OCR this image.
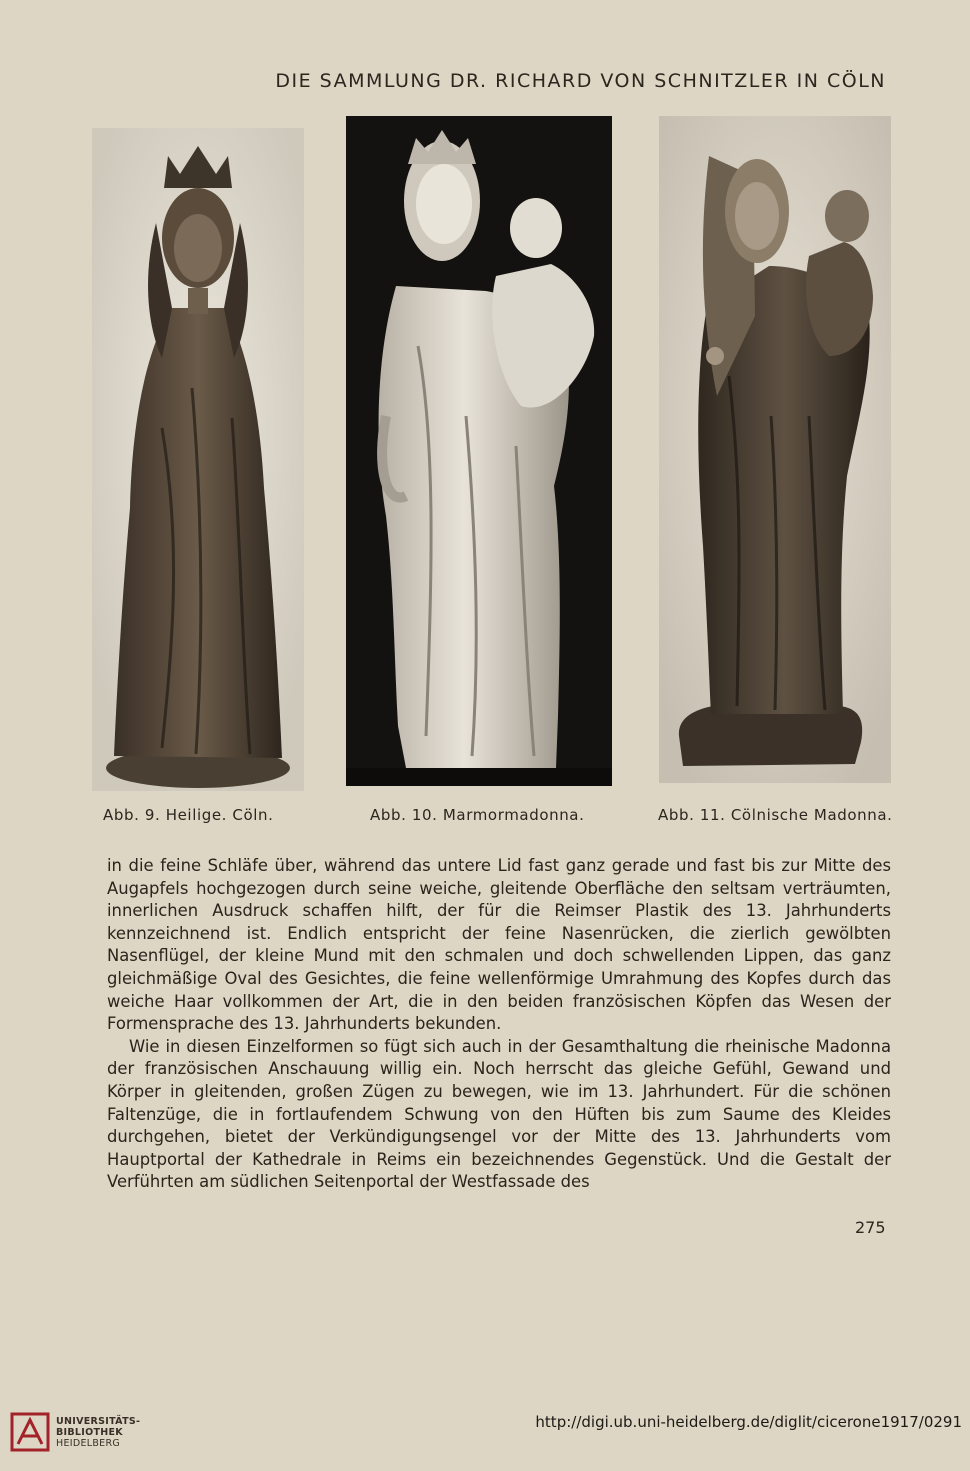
DIE SAMMLUNG DR. RICHARD VON SCHNITZLER IN CÖLN
Abb. 9. Heilige. Cöln.	Abb. 10. Marmormadonna.	Abb. 11. Cölnische Madonna.

in die feine Schläfe über, während das untere Lid fast ganz gerade und fast bis zur Mitte des Augapfels hochgezogen durch seine weiche, gleitende Oberfläche den seltsam verträumten, innerlichen Ausdruck schaffen hilft, der für die Reimser Plastik des 13. Jahrhunderts kennzeichnend ist. Endlich entspricht der feine Nasenrücken, die zierlich gewölbten Nasenflügel, der kleine Mund mit den schmalen und doch schwellenden Lippen, das ganz gleichmäßige Oval des Gesichtes, die feine wellenförmige Umrahmung des Kopfes durch das weiche Haar vollkommen der Art, die in den beiden französischen Köpfen das Wesen der Formensprache des 13. Jahrhunderts bekunden.

Wie in diesen Einzelformen so fügt sich auch in der Gesamthaltung die rheinische Madonna der französischen Anschauung willig ein. Noch herrscht das gleiche Gefühl, Gewand und Körper in gleitenden, großen Zügen zu bewegen, wie im 13. Jahrhundert. Für die schönen Faltenzüge, die in fortlaufendem Schwung von den Hüften bis zum Saume des Kleides durchgehen, bietet der Verkündigungsengel vor der Mitte des 13. Jahrhunderts vom Hauptportal der Kathedrale in Reims ein bezeichnendes Gegenstück. Und die Gestalt der Verführten am südlichen Seitenportal der Westfassade des

275
UNIVERSITÄTS-
BIBLIOTHEK
HEIDELBERG
http://digi.ub.uni-heidelberg.de/diglit/cicerone1917/0291
